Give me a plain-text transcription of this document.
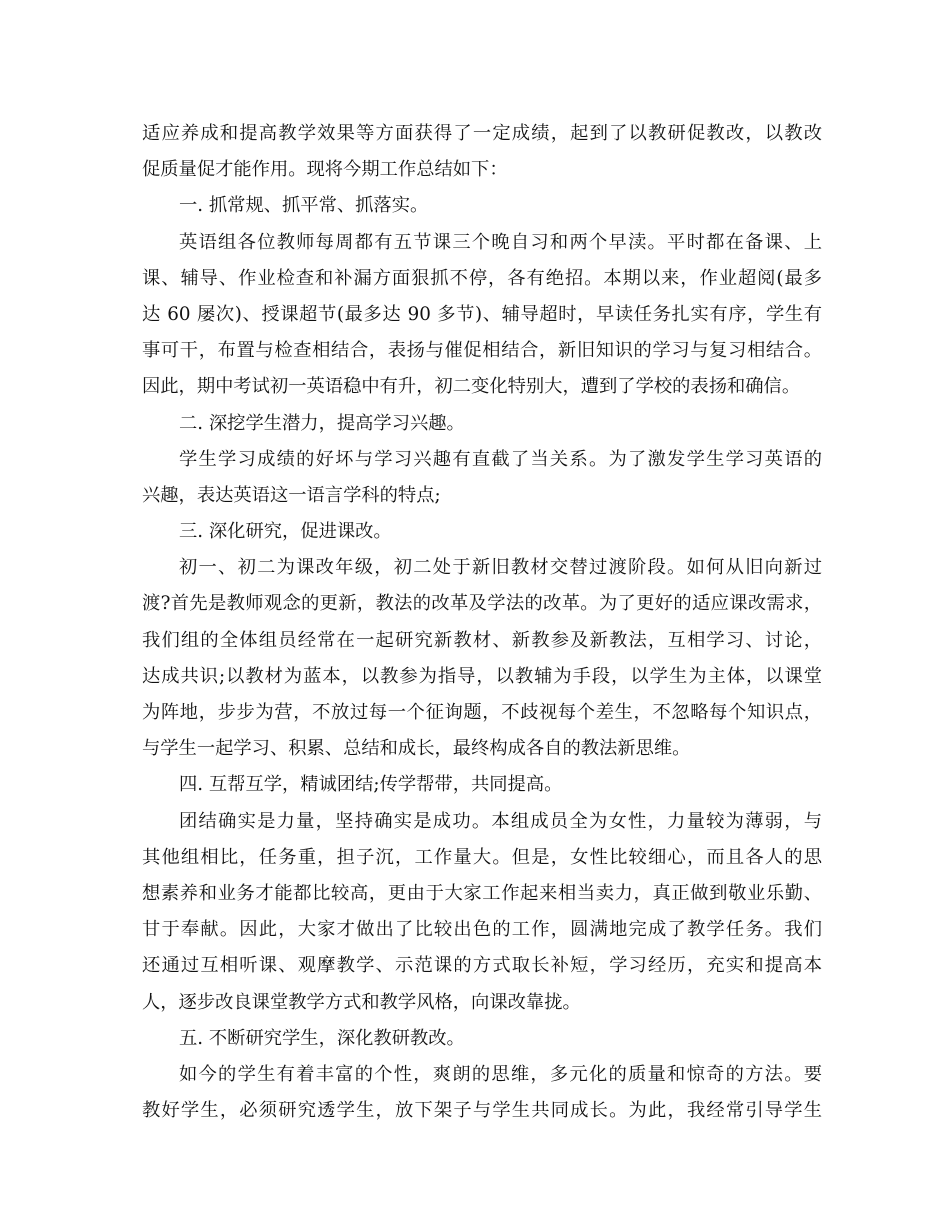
适应养成和提高教学效果等方面获得了一定成绩，起到了以教研促教改，以教改
促质量促才能作用。现将今期工作总结如下：
一. 抓常规、抓平常、抓落实。
英语组各位教师每周都有五节课三个晚自习和两个早渎。平时都在备课、上
课、辅导、作业检查和补漏方面狠抓不停，各有绝招。本期以来，作业超阅(最多
达 60 屡次)、授课超节(最多达 90 多节)、辅导超时，早读任务扎实有序，学生有
事可干，布置与检查相结合，表扬与催促相结合，新旧知识的学习与复习相结合。
因此，期中考试初一英语稳中有升，初二变化特别大，遭到了学校的表扬和确信。
二. 深挖学生潜力，提高学习兴趣。
学生学习成绩的好坏与学习兴趣有直截了当关系。为了激发学生学习英语的
兴趣，表达英语这一语言学科的特点;
三. 深化研究，促进课改。
初一、初二为课改年级，初二处于新旧教材交替过渡阶段。如何从旧向新过
渡?首先是教师观念的更新，教法的改革及学法的改革。为了更好的适应课改需求，
我们组的全体组员经常在一起研究新教材、新教参及新教法，互相学习、讨论，
达成共识;以教材为蓝本，以教参为指导，以教辅为手段，以学生为主体，以课堂
为阵地，步步为营，不放过每一个征询题，不歧视每个差生，不忽略每个知识点，
与学生一起学习、积累、总结和成长，最终构成各自的教法新思维。
四. 互帮互学，精诚团结;传学帮带，共同提高。
团结确实是力量，坚持确实是成功。本组成员全为女性，力量较为薄弱，与
其他组相比，任务重，担子沉，工作量大。但是，女性比较细心，而且各人的思
想素养和业务才能都比较高，更由于大家工作起来相当卖力，真正做到敬业乐勤、
甘于奉献。因此，大家才做出了比较出色的工作，圆满地完成了教学任务。我们
还通过互相听课、观摩教学、示范课的方式取长补短，学习经历，充实和提高本
人，逐步改良课堂教学方式和教学风格，向课改靠拢。
五. 不断研究学生，深化教研教改。
如今的学生有着丰富的个性，爽朗的思维，多元化的质量和惊奇的方法。要
教好学生，必须研究透学生，放下架子与学生共同成长。为此，我经常引导学生
